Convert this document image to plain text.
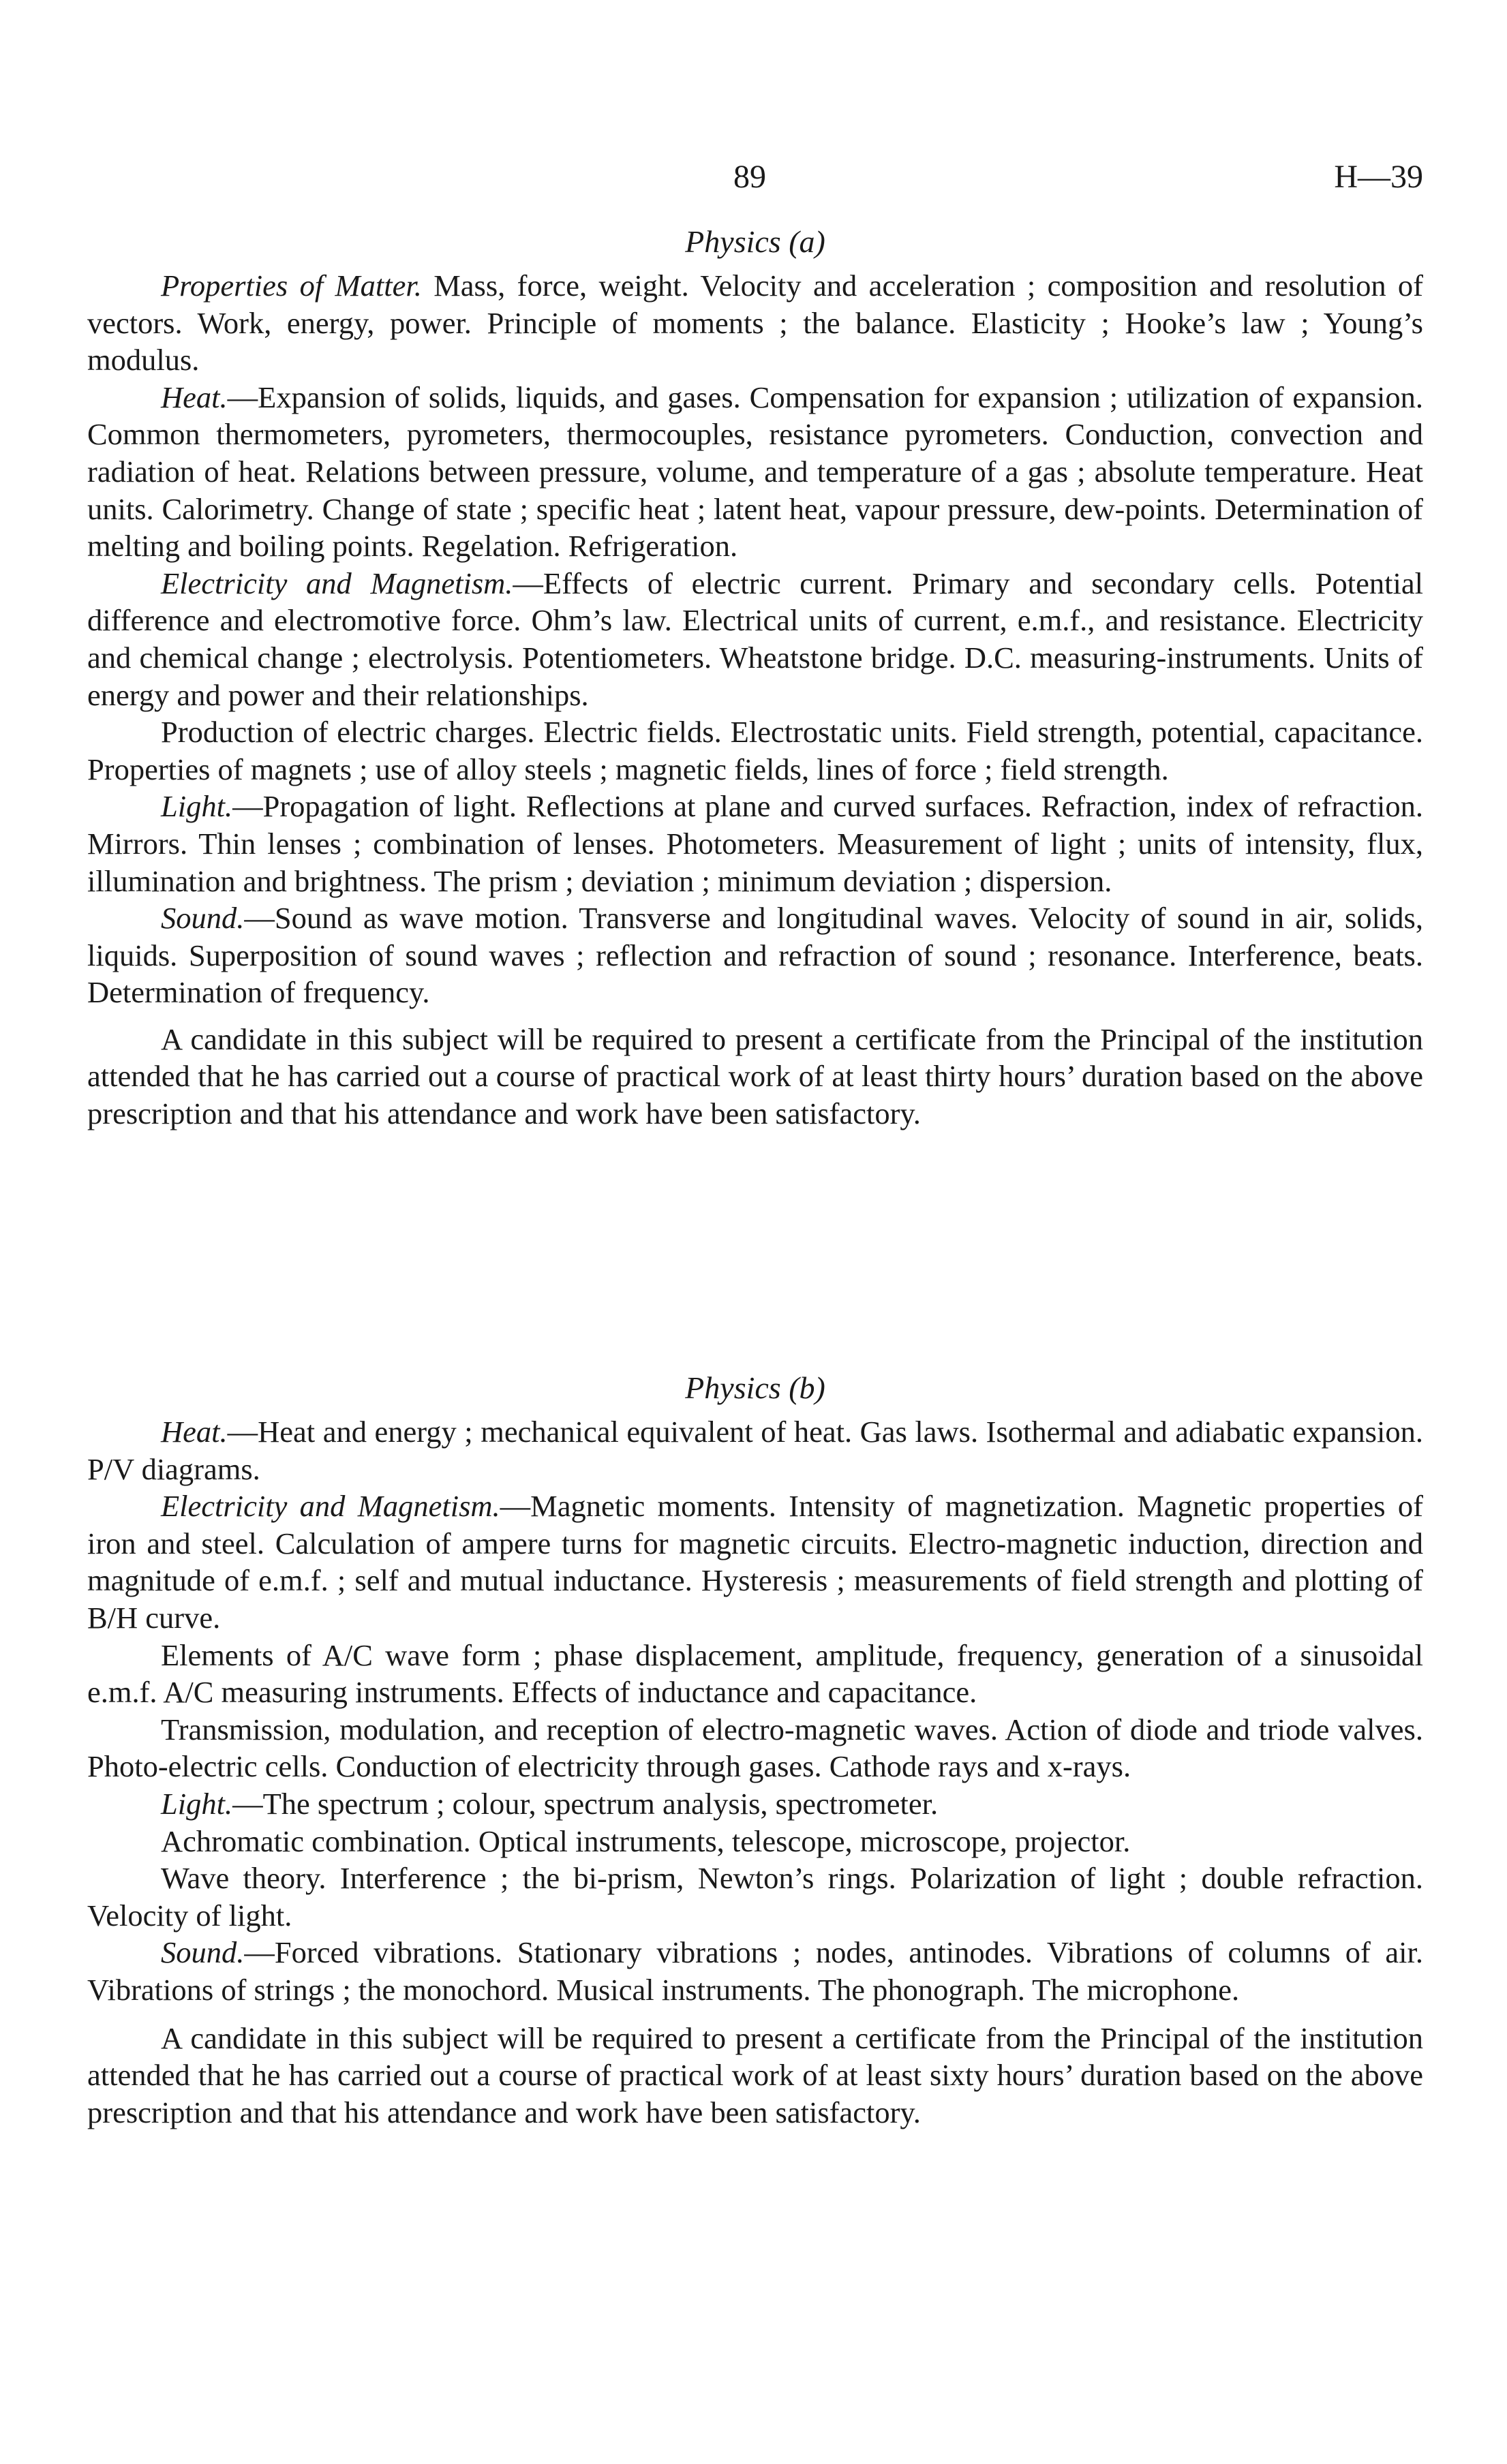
89	H—39
Physics (a)

Properties of Matter. Mass, force, weight. Velocity and acceleration ; composition and resolution of vectors. Work, energy, power. Principle of moments ; the balance. Elasticity ; Hooke’s law ; Young’s modulus.

Heat.—Expansion of solids, liquids, and gases. Compensation for expansion ; utilization of expansion. Common thermometers, pyrometers, thermocouples, resistance pyrometers. Conduction, convection and radiation of heat. Relations between pressure, volume, and temperature of a gas ; absolute temperature. Heat units. Calorimetry. Change of state ; specific heat ; latent heat, vapour pressure, dew-points. Determination of melting and boiling points. Regelation. Refrigeration.

Electricity and Magnetism.—Effects of electric current. Primary and secondary cells. Potential difference and electromotive force. Ohm’s law. Electrical units of current, e.m.f., and resistance. Electricity and chemical change ; electrolysis. Potentiometers. Wheatstone bridge. D.C. measuring-instruments. Units of energy and power and their relationships.

Production of electric charges. Electric fields. Electrostatic units. Field strength, potential, capacitance. Properties of magnets ; use of alloy steels ; magnetic fields, lines of force ; field strength.

Light.—Propagation of light. Reflections at plane and curved surfaces. Refraction, index of refraction. Mirrors. Thin lenses ; combination of lenses. Photometers. Measurement of light ; units of intensity, flux, illumination and brightness. The prism ; deviation ; minimum deviation ; dispersion.

Sound.—Sound as wave motion. Transverse and longitudinal waves. Velocity of sound in air, solids, liquids. Superposition of sound waves ; reflection and refraction of sound ; resonance. Interference, beats. Determination of frequency.

A candidate in this subject will be required to present a certificate from the Principal of the institution attended that he has carried out a course of practical work of at least thirty hours’ duration based on the above prescription and that his attendance and work have been satisfactory.

Physics (b)

Heat.—Heat and energy ; mechanical equivalent of heat. Gas laws. Isothermal and adiabatic expansion. P/V diagrams.

Electricity and Magnetism.—Magnetic moments. Intensity of magnetization. Magnetic properties of iron and steel. Calculation of ampere turns for magnetic circuits. Electro-magnetic induction, direction and magnitude of e.m.f. ; self and mutual inductance. Hysteresis ; measurements of field strength and plotting of B/H curve.

Elements of A/C wave form ; phase displacement, amplitude, frequency, generation of a sinusoidal e.m.f. A/C measuring instruments. Effects of inductance and capacitance.

Transmission, modulation, and reception of electro-magnetic waves. Action of diode and triode valves. Photo-electric cells. Conduction of electricity through gases. Cathode rays and x-rays.

Light.—The spectrum ; colour, spectrum analysis, spectrometer.

Achromatic combination. Optical instruments, telescope, microscope, projector.

Wave theory. Interference ; the bi-prism, Newton’s rings. Polarization of light ; double refraction. Velocity of light.

Sound.—Forced vibrations. Stationary vibrations ; nodes, antinodes. Vibrations of columns of air. Vibrations of strings ; the monochord. Musical instruments. The phonograph. The microphone.

A candidate in this subject will be required to present a certificate from the Principal of the institution attended that he has carried out a course of practical work of at least sixty hours’ duration based on the above prescription and that his attendance and work have been satisfactory.
